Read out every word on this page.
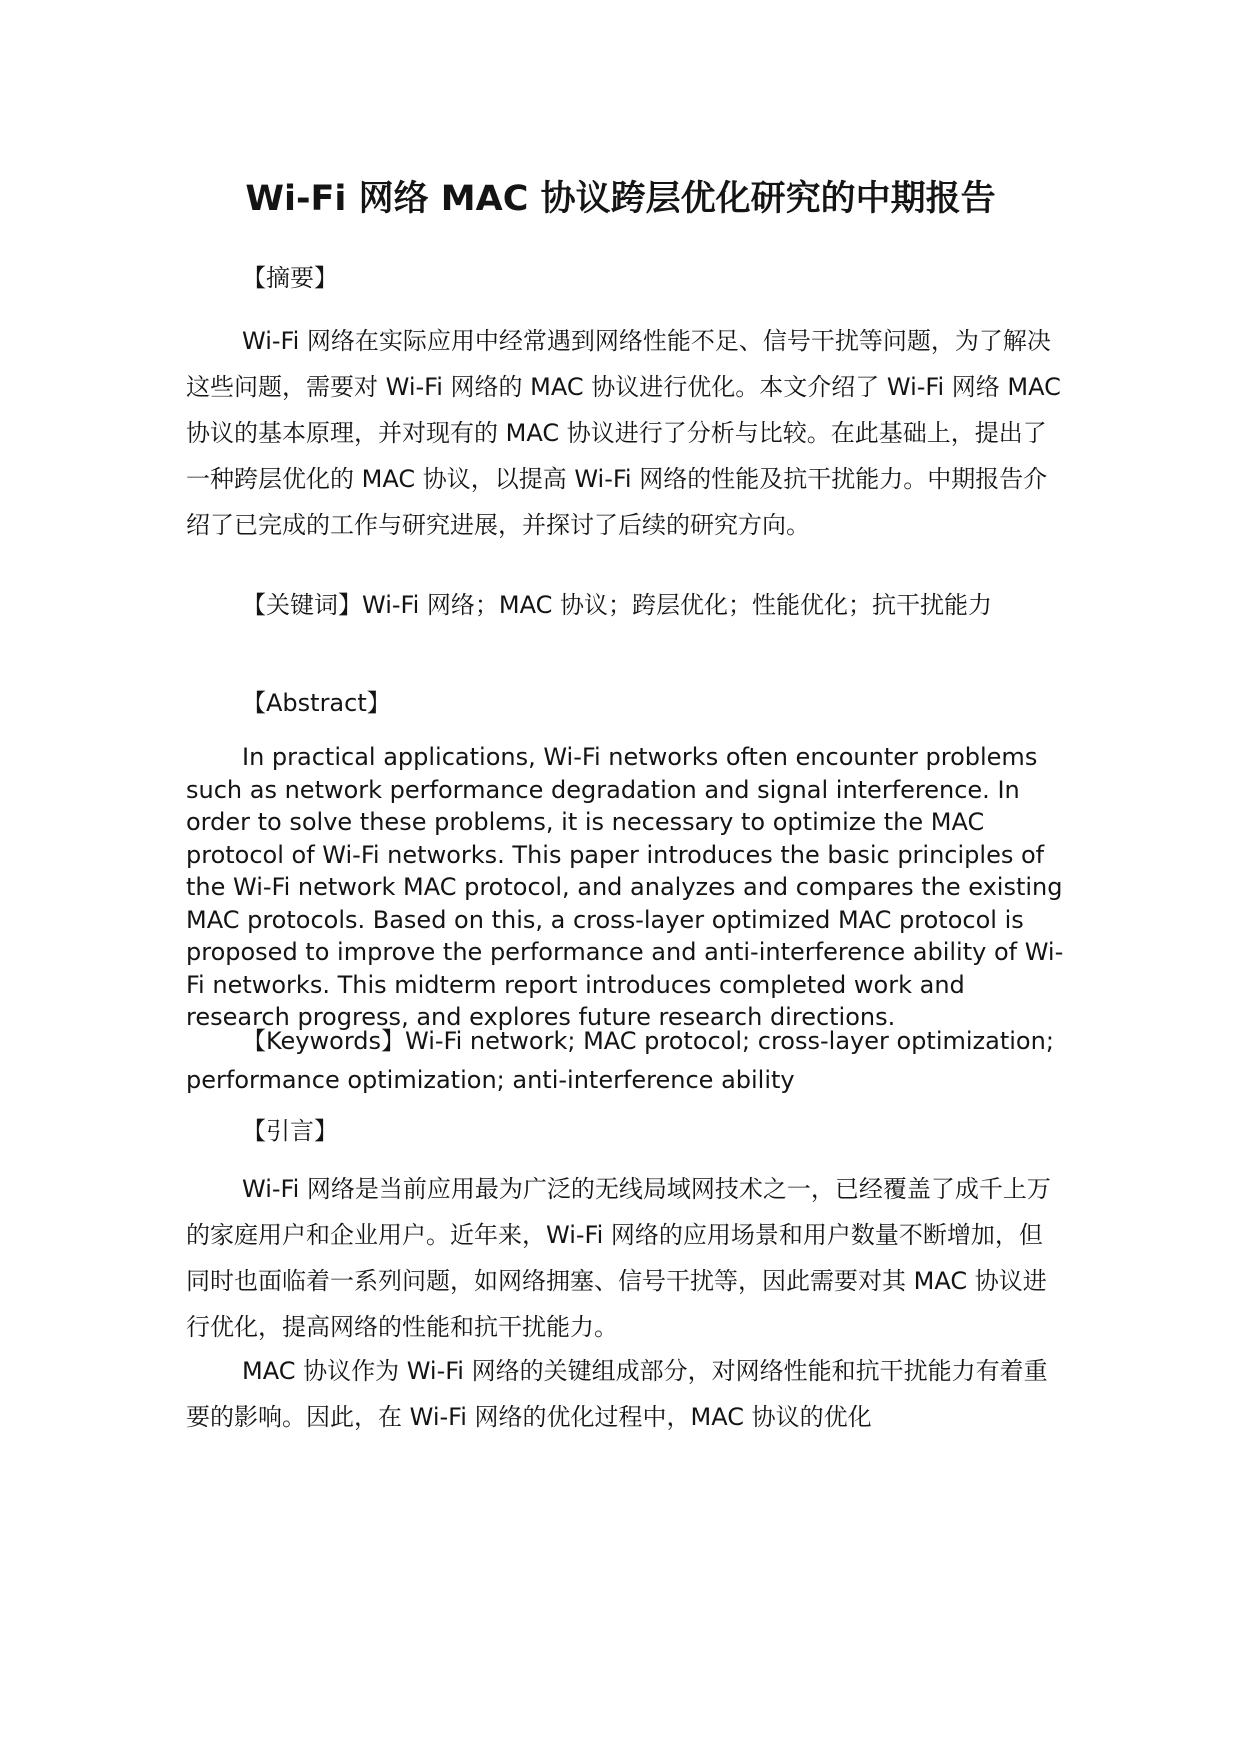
Wi-Fi 网络 MAC 协议跨层优化研究的中期报告
【摘要】

Wi-Fi 网络在实际应用中经常遇到网络性能不足、信号干扰等问题，为了解决这些问题，需要对 Wi-Fi 网络的 MAC 协议进行优化。本文介绍了 Wi-Fi 网络 MAC 协议的基本原理，并对现有的 MAC 协议进行了分析与比较。在此基础上，提出了一种跨层优化的 MAC 协议，以提高 Wi-Fi 网络的性能及抗干扰能力。中期报告介绍了已完成的工作与研究进展，并探讨了后续的研究方向。

【关键词】Wi-Fi 网络；MAC 协议；跨层优化；性能优化；抗干扰能力

【Abstract】

In practical applications, Wi-Fi networks often encounter problems such as network performance degradation and signal interference. In order to solve these problems, it is necessary to optimize the MAC protocol of Wi-Fi networks. This paper introduces the basic principles of the Wi-Fi network MAC protocol, and analyzes and compares the existing MAC protocols. Based on this, a cross-layer optimized MAC protocol is proposed to improve the performance and anti-interference ability of Wi-Fi networks. This midterm report introduces completed work and research progress, and explores future research directions.

【Keywords】Wi-Fi network; MAC protocol; cross-layer optimization; performance optimization; anti-interference ability

【引言】

Wi-Fi 网络是当前应用最为广泛的无线局域网技术之一，已经覆盖了成千上万的家庭用户和企业用户。近年来，Wi-Fi 网络的应用场景和用户数量不断增加，但同时也面临着一系列问题，如网络拥塞、信号干扰等，因此需要对其 MAC 协议进行优化，提高网络的性能和抗干扰能力。

MAC 协议作为 Wi-Fi 网络的关键组成部分，对网络性能和抗干扰能力有着重要的影响。因此，在 Wi-Fi 网络的优化过程中，MAC 协议的优化
